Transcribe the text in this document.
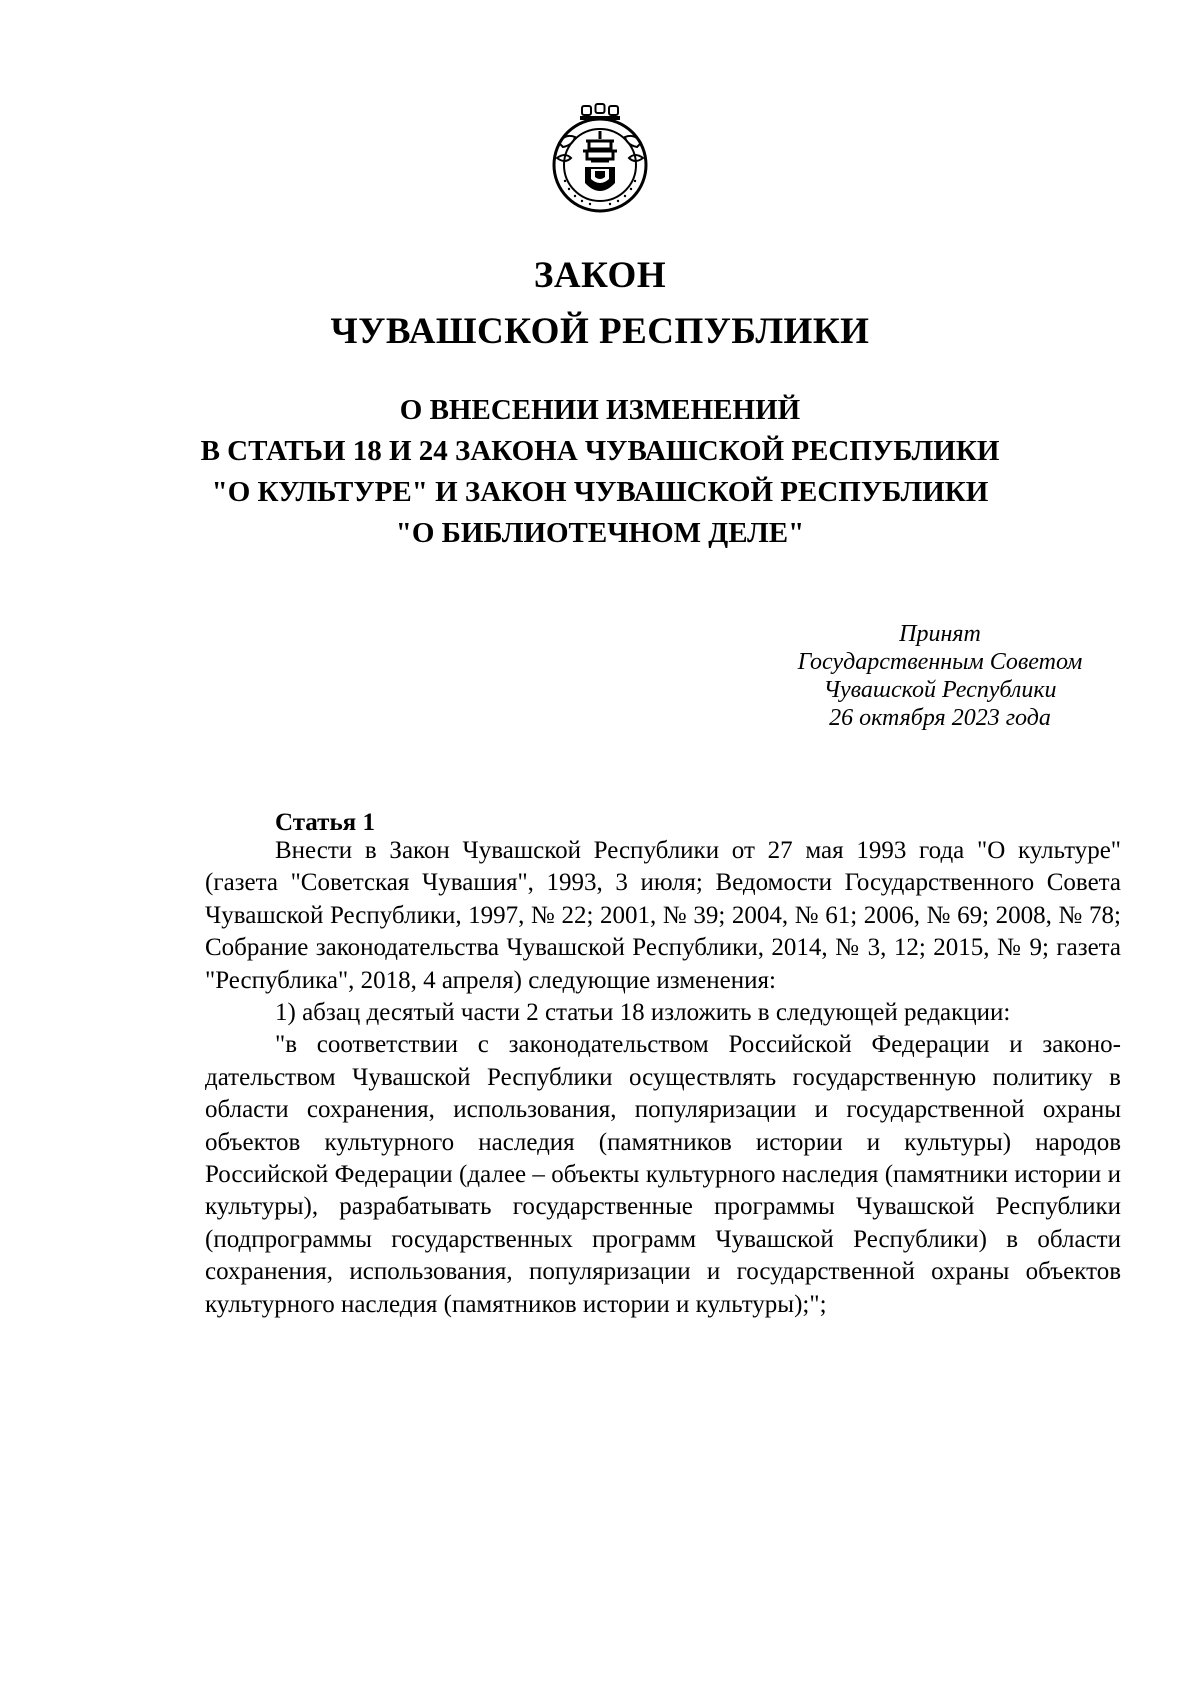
ЗАКОН
ЧУВАШСКОЙ РЕСПУБЛИКИ
О ВНЕСЕНИИ ИЗМЕНЕНИЙ
В СТАТЬИ 18 И 24 ЗАКОНА ЧУВАШСКОЙ РЕСПУБЛИКИ
"О КУЛЬТУРЕ" И ЗАКОН ЧУВАШСКОЙ РЕСПУБЛИКИ
"О БИБЛИОТЕЧНОМ ДЕЛЕ"
Принят
Государственным Советом
Чувашской Республики
26 октября 2023 года
Статья 1

Внести в Закон Чувашской Республики от 27 мая 1993 года "О культуре" (газета "Советская Чувашия", 1993, 3 июля; Ведомости Государственного Совета Чувашской Республики, 1997, № 22; 2001, № 39; 2004, № 61; 2006, № 69; 2008, № 78; Собрание законодательства Чувашской Республики, 2014, № 3, 12; 2015, № 9; газета "Республика", 2018, 4 апреля) следующие изменения:

1) абзац десятый части 2 статьи 18 изложить в следующей редакции:

"в соответствии с законодательством Российской Федерации и законодательством Чувашской Республики осуществлять государственную политику в области сохранения, использования, популяризации и государственной охраны объектов культурного наследия (памятников истории и культуры) народов Российской Федерации (далее – объекты культурного наследия (памятники истории и культуры), разрабатывать государственные программы Чувашской Республики (подпрограммы государственных программ Чувашской Республики) в области сохранения, использования, популяризации и государственной охраны объектов культурного наследия (памятников истории и культуры);";
